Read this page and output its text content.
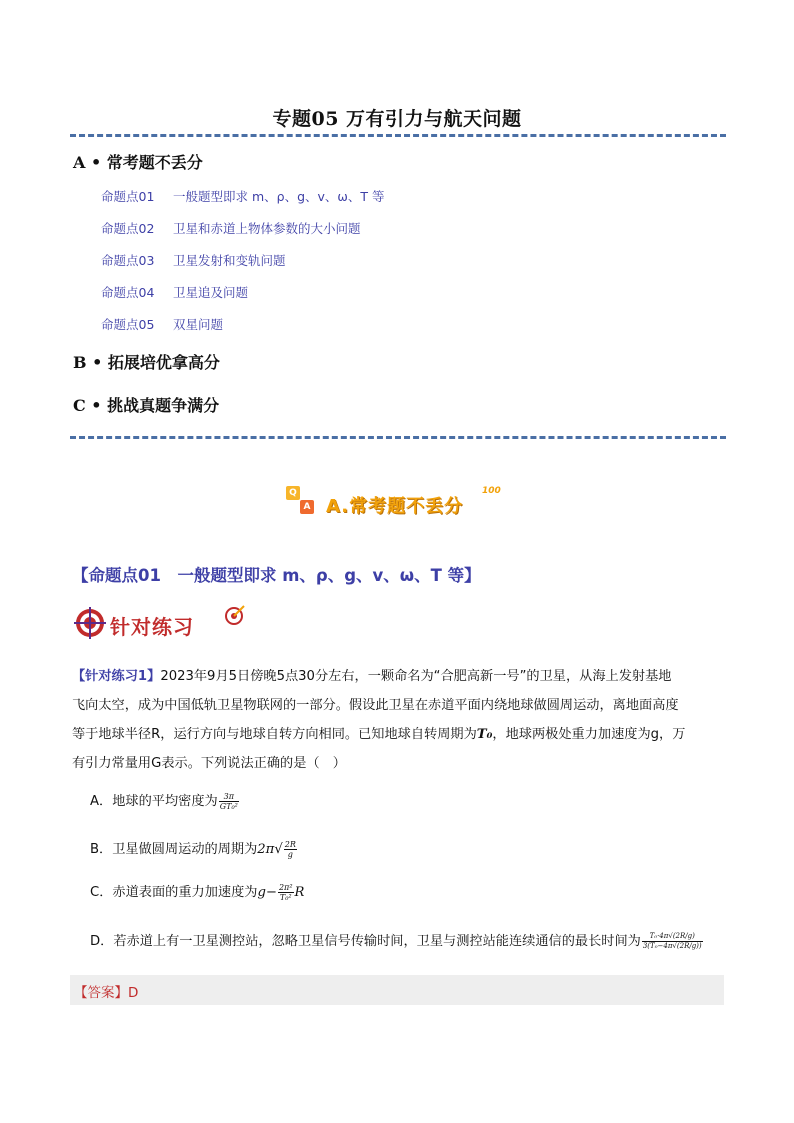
专题05 万有引力与航天问题
A • 常考题不丢分
命题点01 一般题型即求 m、ρ、g、v、ω、T 等
命题点02 卫星和赤道上物体参数的大小问题
命题点03 卫星发射和变轨问题
命题点04 卫星追及问题
命题点05 双星问题
B • 拓展培优拿高分
C • 挑战真题争满分
Q
A A.常考题不丢分
100
【命题点01　一般题型即求 m、ρ、g、v、ω、T 等】
针对练习
【针对练习1】2023年9月5日傍晚5点30分左右，一颗命名为“合肥高新一号”的卫星，从海上发射基地
飞向太空，成为中国低轨卫星物联网的一部分。假设此卫星在赤道平面内绕地球做圆周运动，离地面高度
等于地球半径R，运行方向与地球自转方向相同。已知地球自转周期为T₀，地球两极处重力加速度为g，万
有引力常量用G表示。下列说法正确的是（　）
A．地球的平均密度为 $\frac{3\pi}{\text{GT₀²}}$
B．卫星做圆周运动的周期为$2\pi√ \frac{2R}{g}$
C．赤道表面的重力加速度为$g- \frac{\text{2π²}}{\text{T₀²}}$ R
D．若赤道上有一卫星测控站，忽略卫星信号传输时间，卫星与测控站能连续通信的最长时间为 $\frac{\text{T₀·4π√(2R/g)}}{\text{3(T₀−4π√(2R/g))}}$
【答案】D
